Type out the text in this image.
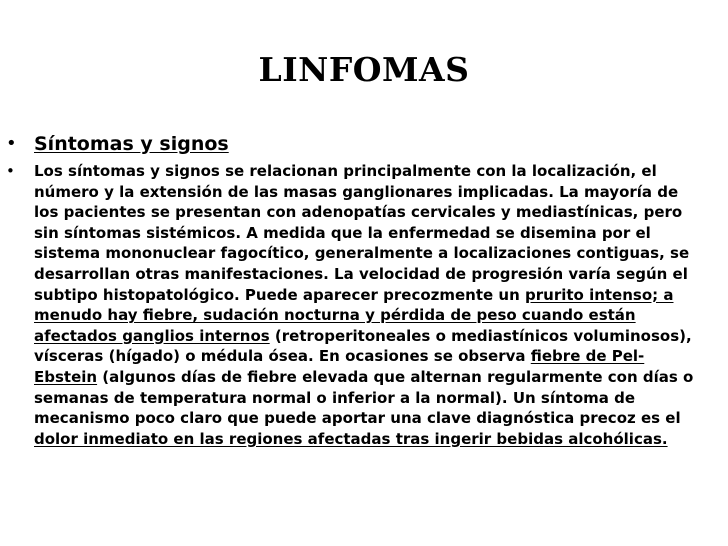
LINFOMAS
• Síntomas y signos
• Los síntomas y signos se relacionan principalmente con la localización, el número y la extensión de las masas ganglionares implicadas. La mayoría de los pacientes se presentan con adenopatías cervicales y mediastínicas, pero sin síntomas sistémicos. A medida que la enfermedad se disemina por el sistema mononuclear fagocítico, generalmente a localizaciones contiguas, se desarrollan otras manifestaciones. La velocidad de progresión varía según el subtipo histopatológico. Puede aparecer precozmente un prurito intenso; a menudo hay fiebre, sudación nocturna y pérdida de peso cuando están afectados ganglios internos (retroperitoneales o mediastínicos voluminosos), vísceras (hígado) o médula ósea. En ocasiones se observa fiebre de Pel-Ebstein (algunos días de fiebre elevada que alternan regularmente con días o semanas de temperatura normal o inferior a la normal). Un síntoma de mecanismo poco claro que puede aportar una clave diagnóstica precoz es el dolor inmediato en las regiones afectadas tras ingerir bebidas alcohólicas.
